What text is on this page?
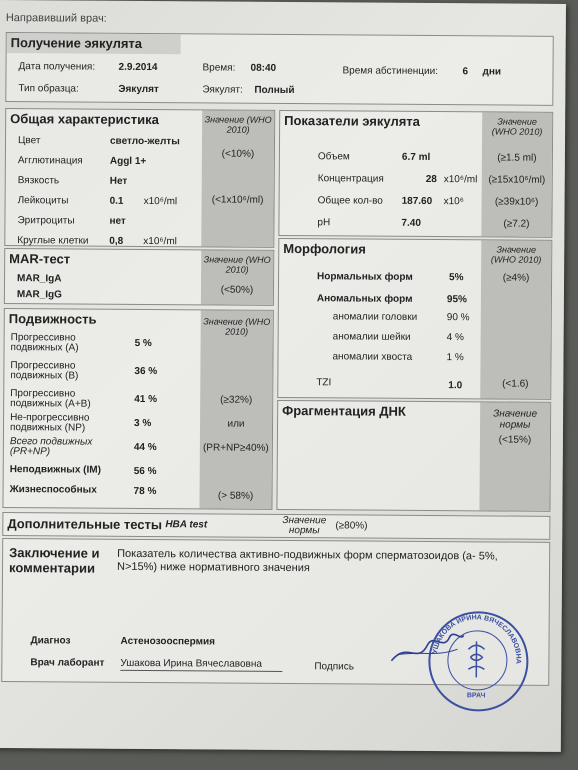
Направивший врач:
Получение эякулята
Дата получения: 2.9.2014	Время: 08:40	Время абстиненции: 6 дни
Тип образца:	Эякулят	Эякулят: Полный
Общая характеристика	Значение (WHO 2010)
Цвет	светло-желты
Агглютинация	Aggl 1+
(<10%)
Вязкость	Нет
Лейкоциты	0.1 x10⁶/ml	(<1x10⁶/ml)
Эритроциты	нет
Круглые клетки 0,8 x10⁶/ml
MAR-тест	Значение (WHO 2010)
MAR_IgA
MAR_IgG	(<50%)
Подвижность	Значение (WHO 2010)
Прогрессивно подвижных (A)	5 %
Прогрессивно подвижных (B)	36 %
Прогрессивно подвижных (A+B)	41 %	(≥32%)
Не-прогрессивно подвижных (NP)	3 %	или
Всего подвижных (PR+NP)	44 %	(PR+NP≥40%)
Неподвижных (IM)	56 %
Жизнеспособных	78 %	(> 58%)
Показатели эякулята	Значение (WHO 2010)
Объем	6.7 ml	(≥1.5 ml)
Концентрация	28 x10⁶/ml	(≥15x10⁶/ml)
Общее кол-во 187.60 x10⁶	(≥39x10⁶)
pH	7.40	(≥7.2)
Морфология	Значение (WHO 2010)
Нормальных форм	5%	(≥4%)
Аномальных форм	95%
аномалии головки	90 %
аномалии шейки	4 %
аномалии хвоста	1 %
TZI	1.0	(<1.6)
Фрагментация ДНК	Значение нормы
(<15%)
Дополнительные тесты HBA test	Значение нормы	(≥80%)
Заключение и комментарии
Показатель количества активно-подвижных форм сперматозоидов (a- 5%, N>15%) ниже нормативного значения
Диагноз	Астенозооспермия
Врач лаборант Ушакова Ирина Вячеславовна	Подпись
УШАКОВА ИРИНА ВЯЧЕСЛАВОВНА
ВРАЧ
